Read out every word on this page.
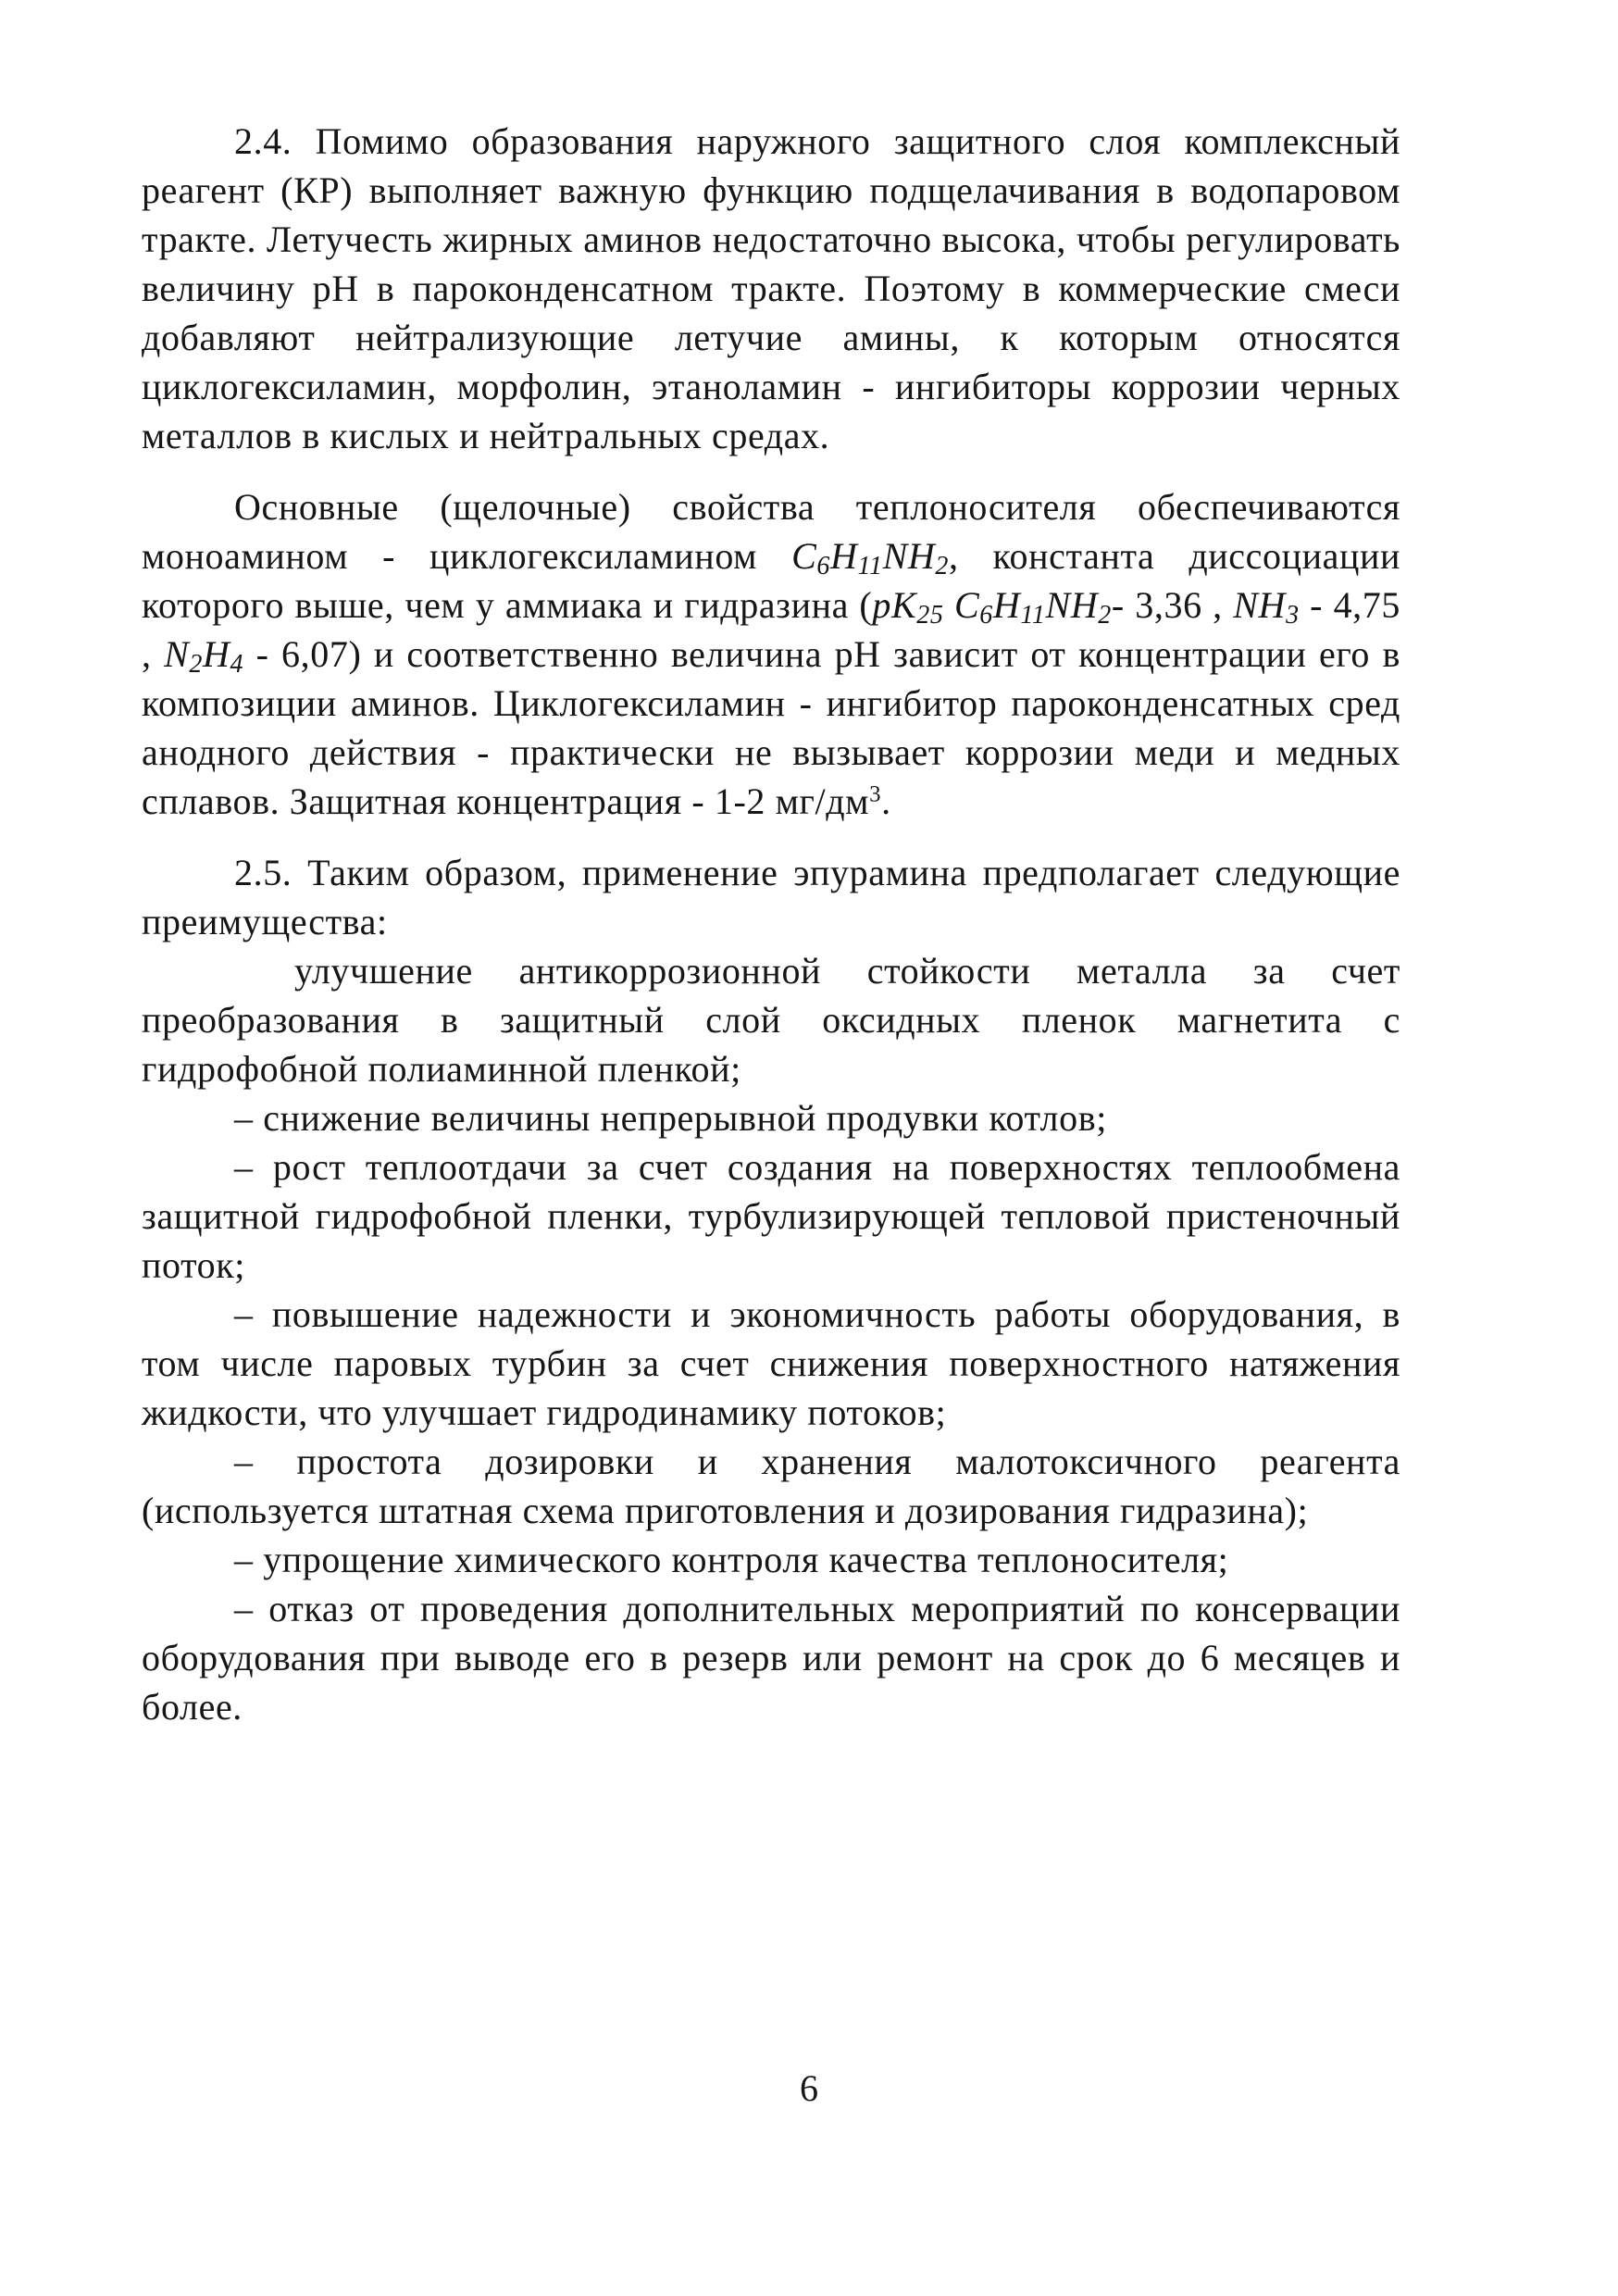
2.4. Помимо образования наружного защитного слоя комплексный реагент (КР) выполняет важную функцию подщелачивания в водопаровом тракте. Летучесть жирных аминов недостаточно высока, чтобы регулировать величину pH в пароконденсатном тракте. Поэтому в коммерческие смеси добавляют нейтрализующие летучие амины, к которым относятся циклогексиламин, морфолин, этаноламин - ингибиторы коррозии черных металлов в кислых и нейтральных средах.

Основные (щелочные) свойства теплоносителя обеспечиваются моноамином - циклогексиламином $C_6H_{11}NH_2$, константа диссоциации которого выше, чем у аммиака и гидразина ($pK_{25}$ $C_6H_{11}NH_2-$ 3,36 , $NH_3 - 4,75$ , $N_2H_4 - 6,07$) и соответственно величина pH зависит от концентрации его в композиции аминов. Циклогексиламин - ингибитор пароконденсатных сред анодного действия - практически не вызывает коррозии меди и медных сплавов. Защитная концентрация - 1-2 $мг/дм^3$.

2.5. Таким образом, применение эпурамина предполагает следующие преимущества:

улучшение антикоррозионной стойкости металла за счет преобразования в защитный слой оксидных пленок магнетита с гидрофобной полиаминной пленкой;

– снижение величины непрерывной продувки котлов;

– рост теплоотдачи за счет создания на поверхностях теплообмена защитной гидрофобной пленки, турбулизирующей тепловой пристеночный поток;

– повышение надежности и экономичность работы оборудования, в том числе паровых турбин за счет снижения поверхностного натяжения жидкости, что улучшает гидродинамику потоков;

– простота дозировки и хранения малотоксичного реагента (используется штатная схема приготовления и дозирования гидразина);

– упрощение химического контроля качества теплоносителя;

– отказ от проведения дополнительных мероприятий по консервации оборудования при выводе его в резерв или ремонт на срок до 6 месяцев и более.

6
